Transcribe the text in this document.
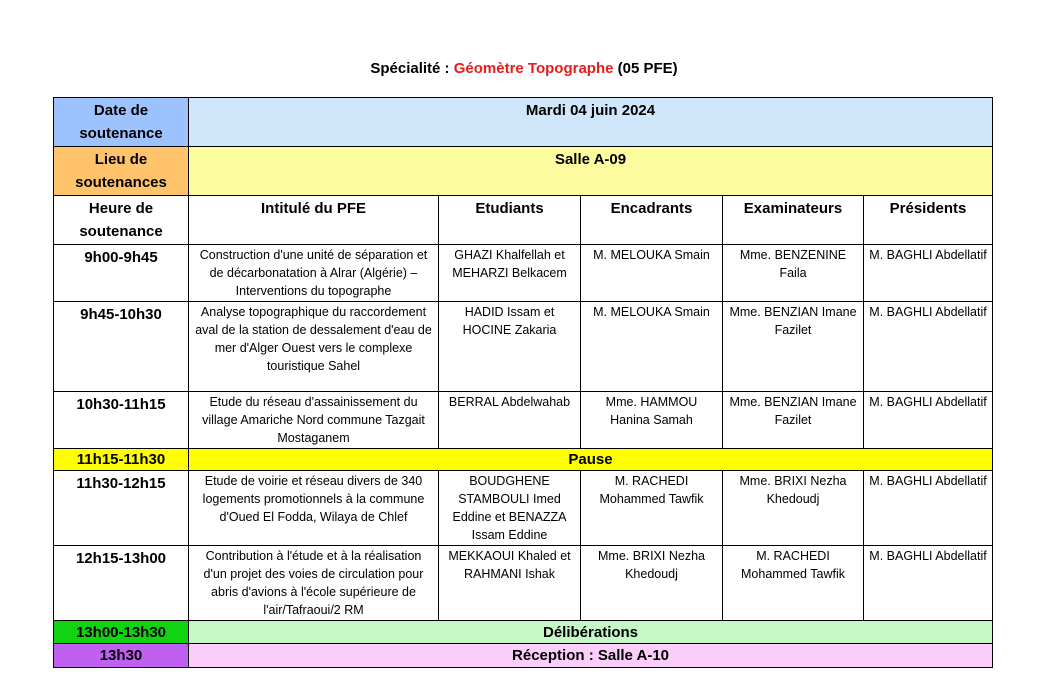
Spécialité : Géomètre Topographe (05 PFE)
Date de soutenance	Mardi 04 juin 2024				
Lieu de soutenances	Salle A-09				
Heure de soutenance	Intitulé du PFE	Etudiants	Encadrants	Examinateurs	Présidents
9h00-9h45	Construction d'une unité de séparation et de décarbonatation à Alrar (Algérie) – Interventions du topographe	GHAZI Khalfellah et MEHARZI Belkacem	M. MELOUKA Smain	Mme. BENZENINE Faila	M. BAGHLI Abdellatif
9h45-10h30	Analyse topographique du raccordement aval de la station de dessalement d'eau de mer d'Alger Ouest vers le complexe touristique Sahel	HADID Issam et HOCINE Zakaria	M. MELOUKA Smain	Mme. BENZIAN Imane Fazilet	M. BAGHLI Abdellatif
10h30-11h15	Etude du réseau d'assainissement du village Amariche Nord commune Tazgait Mostaganem	BERRAL Abdelwahab	Mme. HAMMOU Hanina Samah	Mme. BENZIAN Imane Fazilet	M. BAGHLI Abdellatif
11h15-11h30	Pause				
11h30-12h15	Etude de voirie et réseau divers de 340 logements promotionnels à la commune d'Oued El Fodda, Wilaya de Chlef	BOUDGHENE STAMBOULI Imed Eddine et BENAZZA Issam Eddine	M. RACHEDI Mohammed Tawfik	Mme. BRIXI Nezha Khedoudj	M. BAGHLI Abdellatif
12h15-13h00	Contribution à l'étude et à la réalisation d'un projet des voies de circulation pour abris d'avions à l'école supérieure de l'air/Tafraoui/2 RM	MEKKAOUI Khaled et RAHMANI Ishak	Mme. BRIXI Nezha Khedoudj	M. RACHEDI Mohammed Tawfik	M. BAGHLI Abdellatif
13h00-13h30	Délibérations				
13h30	Réception : Salle A-10				
